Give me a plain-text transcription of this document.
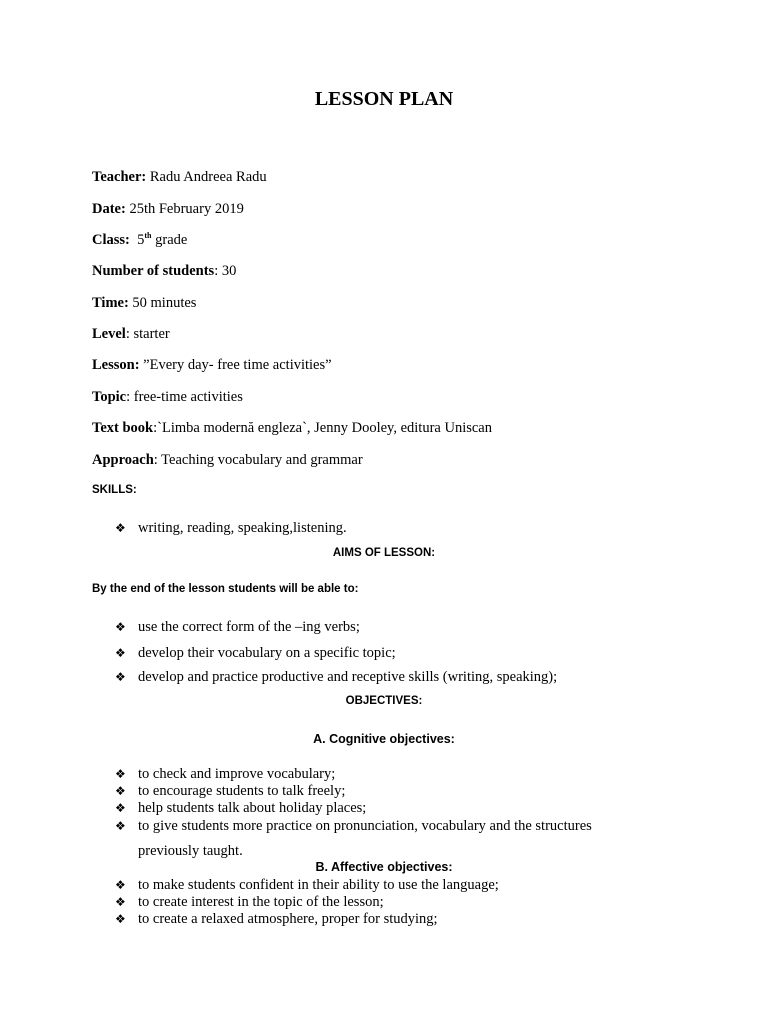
LESSON PLAN
Teacher: Radu Andreea Radu
Date: 25th February 2019
Class: 5th grade
Number of students: 30
Time: 50 minutes
Level: starter
Lesson: ”Every day- free time activities”
Topic: free-time activities
Text book:`Limba modernă engleza`, Jenny Dooley, editura Uniscan
Approach: Teaching vocabulary and grammar
SKILLS:
❖ writing, reading, speaking,listening.
AIMS OF LESSON:
By the end of the lesson students will be able to:
❖ use the correct form of the –ing verbs;
❖ develop their vocabulary on a specific topic;
❖ develop and practice productive and receptive skills (writing, speaking);
OBJECTIVES:
A. Cognitive objectives:
❖ to check and improve vocabulary;
❖ to encourage students to talk freely;
❖ help students talk about holiday places;
❖ to give students more practice on pronunciation, vocabulary and the structures
previously taught.
B. Affective objectives:
❖ to make students confident in their ability to use the language;
❖ to create interest in the topic of the lesson;
❖ to create a relaxed atmosphere, proper for studying;
